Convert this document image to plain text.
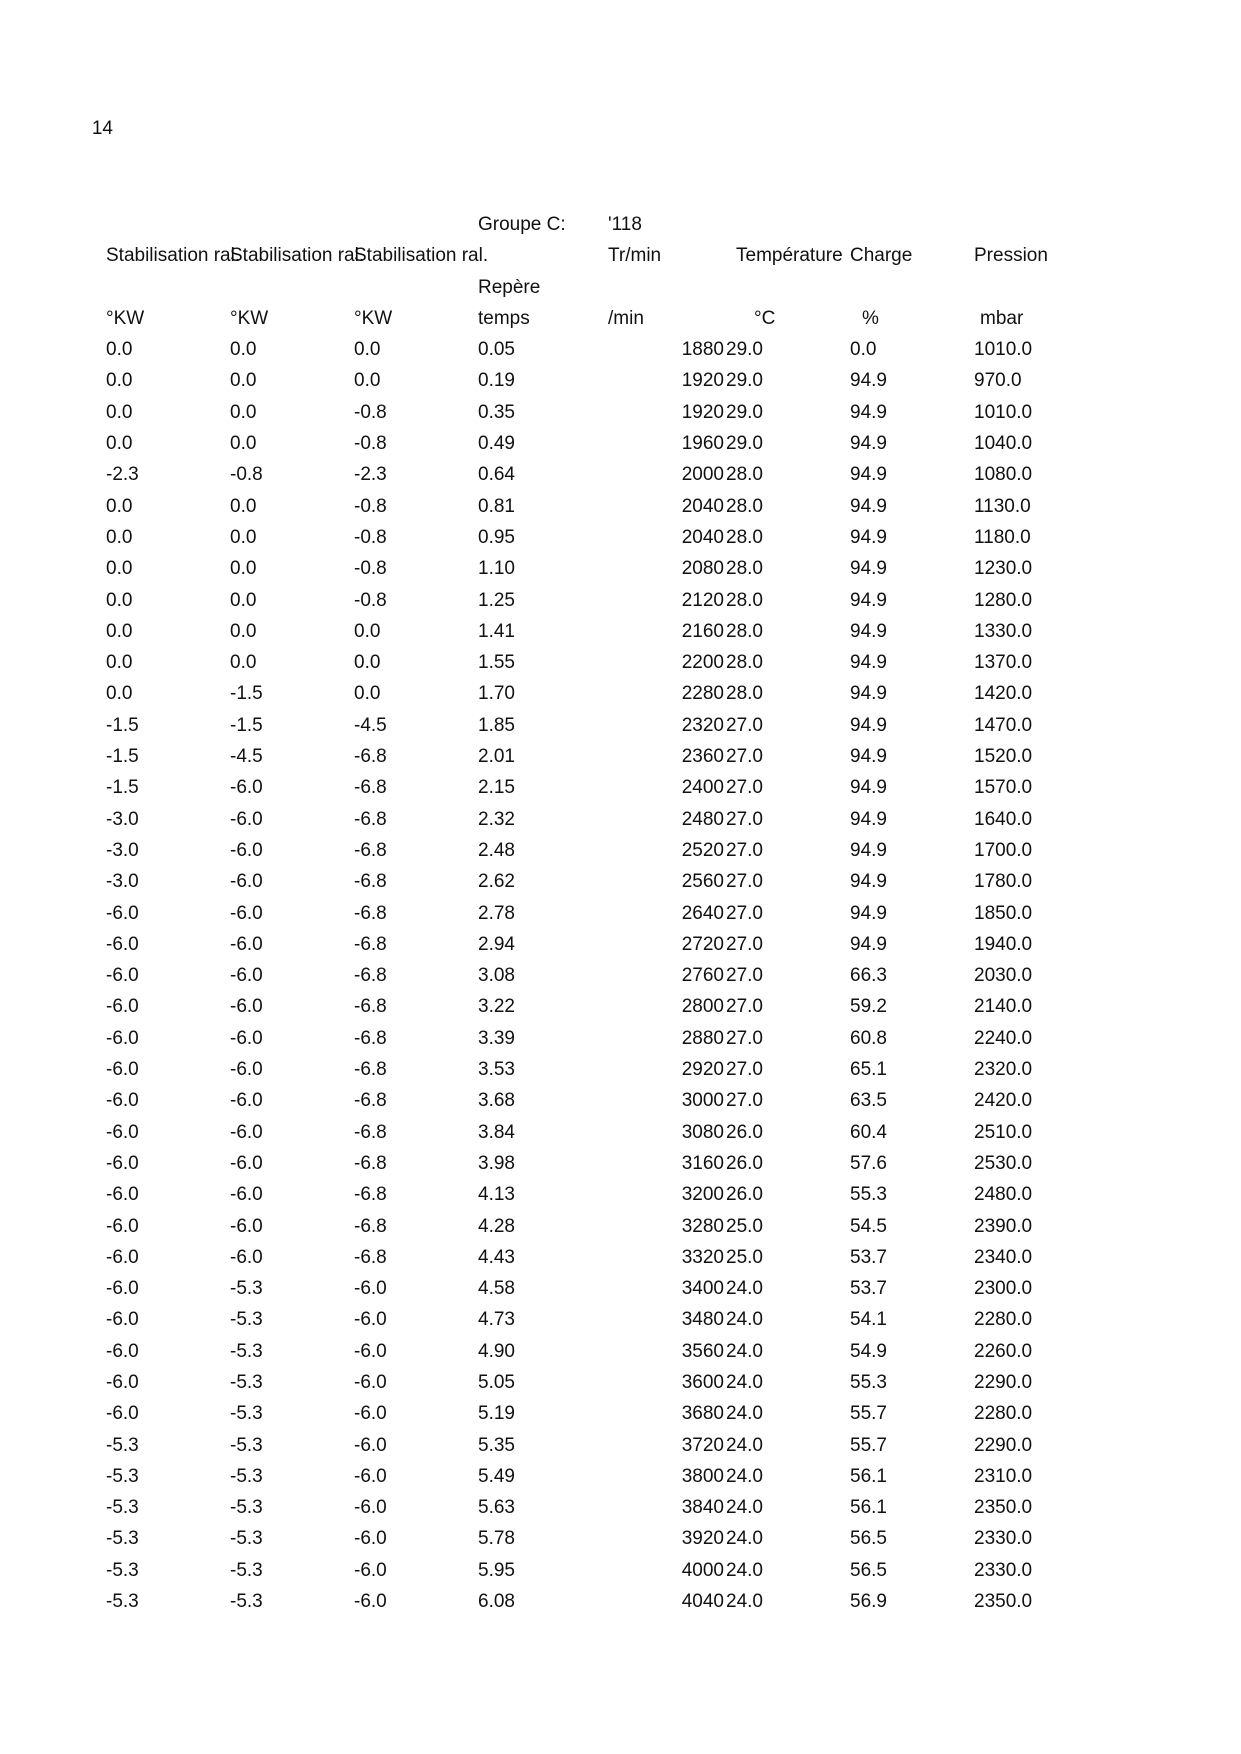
14
Groupe C:	'118
Stabilisation ral.
Stabilisation ral.
Stabilisation ral.	Tr/min	Température Charge	Pression
Repère
°KW	°KW	°KW	temps	/min	°C	%	mbar
0.0	0.0	0.0	0.05	1880 29.0	0.0	1010.0
0.0	0.0	0.0	0.19	1920 29.0	94.9	970.0
0.0	0.0	-0.8	0.35	1920 29.0	94.9	1010.0
0.0	0.0	-0.8	0.49	1960 29.0	94.9	1040.0
-2.3	-0.8	-2.3	0.64	2000 28.0	94.9	1080.0
0.0	0.0	-0.8	0.81	2040 28.0	94.9	1130.0
0.0	0.0	-0.8	0.95	2040 28.0	94.9	1180.0
0.0	0.0	-0.8	1.10	2080 28.0	94.9	1230.0
0.0	0.0	-0.8	1.25	2120 28.0	94.9	1280.0
0.0	0.0	0.0	1.41	2160 28.0	94.9	1330.0
0.0	0.0	0.0	1.55	2200 28.0	94.9	1370.0
0.0	-1.5	0.0	1.70	2280 28.0	94.9	1420.0
-1.5	-1.5	-4.5	1.85	2320 27.0	94.9	1470.0
-1.5	-4.5	-6.8	2.01	2360 27.0	94.9	1520.0
-1.5	-6.0	-6.8	2.15	2400 27.0	94.9	1570.0
-3.0	-6.0	-6.8	2.32	2480 27.0	94.9	1640.0
-3.0	-6.0	-6.8	2.48	2520 27.0	94.9	1700.0
-3.0	-6.0	-6.8	2.62	2560 27.0	94.9	1780.0
-6.0	-6.0	-6.8	2.78	2640 27.0	94.9	1850.0
-6.0	-6.0	-6.8	2.94	2720 27.0	94.9	1940.0
-6.0	-6.0	-6.8	3.08	2760 27.0	66.3	2030.0
-6.0	-6.0	-6.8	3.22	2800 27.0	59.2	2140.0
-6.0	-6.0	-6.8	3.39	2880 27.0	60.8	2240.0
-6.0	-6.0	-6.8	3.53	2920 27.0	65.1	2320.0
-6.0	-6.0	-6.8	3.68	3000 27.0	63.5	2420.0
-6.0	-6.0	-6.8	3.84	3080 26.0	60.4	2510.0
-6.0	-6.0	-6.8	3.98	3160 26.0	57.6	2530.0
-6.0	-6.0	-6.8	4.13	3200 26.0	55.3	2480.0
-6.0	-6.0	-6.8	4.28	3280 25.0	54.5	2390.0
-6.0	-6.0	-6.8	4.43	3320 25.0	53.7	2340.0
-6.0	-5.3	-6.0	4.58	3400 24.0	53.7	2300.0
-6.0	-5.3	-6.0	4.73	3480 24.0	54.1	2280.0
-6.0	-5.3	-6.0	4.90	3560 24.0	54.9	2260.0
-6.0	-5.3	-6.0	5.05	3600 24.0	55.3	2290.0
-6.0	-5.3	-6.0	5.19	3680 24.0	55.7	2280.0
-5.3	-5.3	-6.0	5.35	3720 24.0	55.7	2290.0
-5.3	-5.3	-6.0	5.49	3800 24.0	56.1	2310.0
-5.3	-5.3	-6.0	5.63	3840 24.0	56.1	2350.0
-5.3	-5.3	-6.0	5.78	3920 24.0	56.5	2330.0
-5.3	-5.3	-6.0	5.95	4000 24.0	56.5	2330.0
-5.3	-5.3	-6.0	6.08	4040 24.0	56.9	2350.0
